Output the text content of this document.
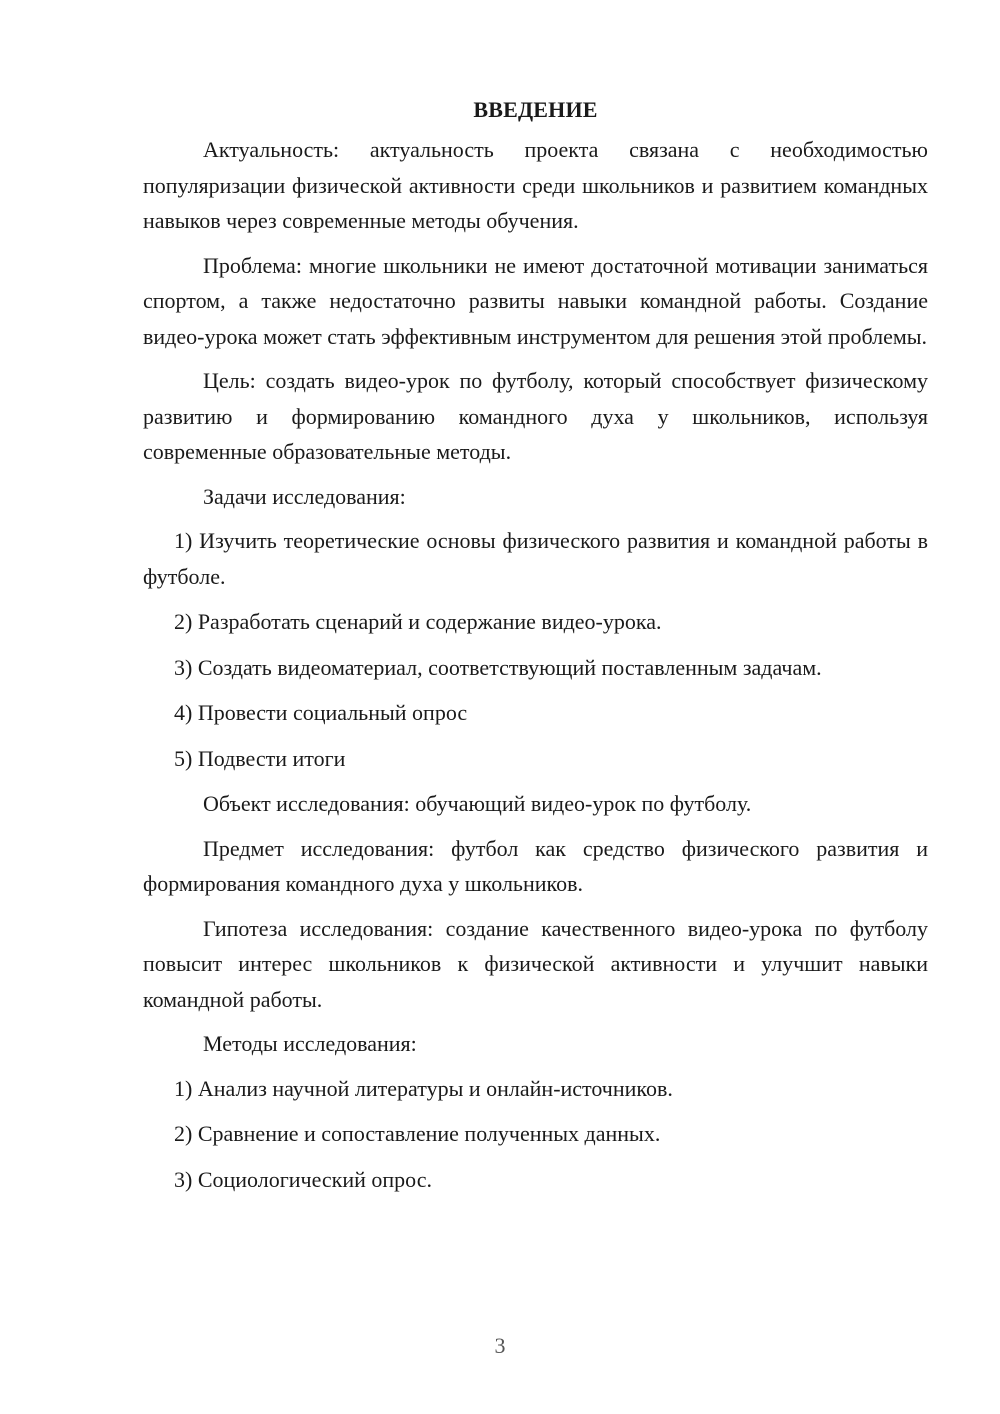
ВВЕДЕНИЕ

Актуальность: актуальность проекта связана с необходимостью популяризации физической активности среди школьников и развитием командных навыков через современные методы обучения.

Проблема: многие школьники не имеют достаточной мотивации заниматься спортом, а также недостаточно развиты навыки командной работы. Создание видео-урока может стать эффективным инструментом для решения этой проблемы.

Цель: создать видео-урок по футболу, который способствует физическому развитию и формированию командного духа у школьников, используя современные образовательные методы.

Задачи исследования:

1) Изучить теоретические основы физического развития и командной работы в футболе.

2) Разработать сценарий и содержание видео-урока.

3) Создать видеоматериал, соответствующий поставленным задачам.

4) Провести социальный опрос

5) Подвести итоги

Объект исследования: обучающий видео-урок по футболу.

Предмет исследования: футбол как средство физического развития и формирования командного духа у школьников.

Гипотеза исследования: создание качественного видео-урока по футболу повысит интерес школьников к физической активности и улучшит навыки командной работы.

Методы исследования:

1) Анализ научной литературы и онлайн-источников.

2) Сравнение и сопоставление полученных данных.

3) Социологический опрос.

3
